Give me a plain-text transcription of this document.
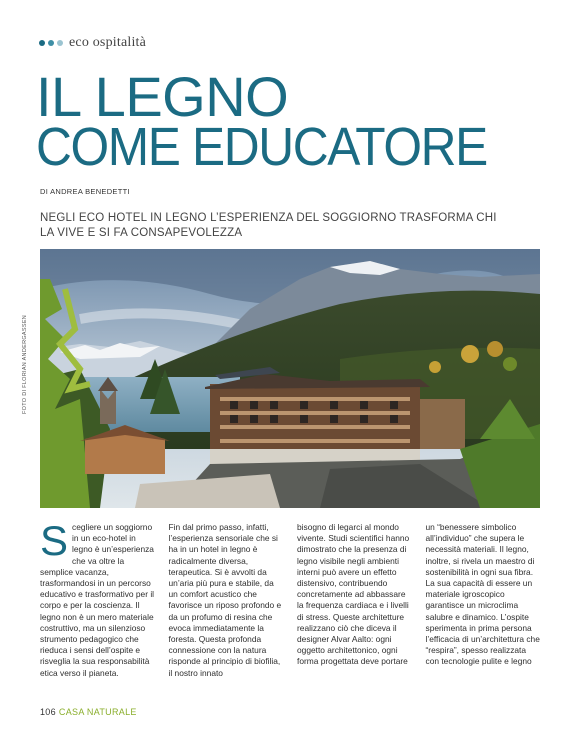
eco ospitalità
IL LEGNO
COME EDUCATORE
DI ANDREA BENEDETTI
NEGLI ECO HOTEL IN LEGNO L’ESPERIENZA DEL SOGGIORNO TRASFORMA CHI LA VIVE E SI FA CONSAPEVOLEZZA
FOTO DI FLORIAN ANDERGASSEN
S cegliere un soggiorno in un eco-hotel in legno è un’esperienza che va oltre la semplice vacanza, trasformandosi in un percorso educativo e trasformativo per il corpo e per la coscienza. Il legno non è un mero materiale costruttivo, ma un silenzioso strumento pedagogico che rieduca i sensi dell’ospite e risveglia la sua responsabilità etica verso il pianeta.
Fin dal primo passo, infatti, l’esperienza sensoriale che si ha in un hotel in legno è radicalmente diversa, terapeutica. Si è avvolti da un’aria più pura e stabile, da un comfort acustico che favorisce un riposo profondo e da un profumo di resina che evoca immediatamente la foresta. Questa profonda connessione con la natura risponde al principio di biofilia, il nostro innato
bisogno di legarci al mondo vivente. Studi scientifici hanno dimostrato che la presenza di legno visibile negli ambienti interni può avere un effetto distensivo, contribuendo concretamente ad abbassare la frequenza cardiaca e i livelli di stress. Queste architetture realizzano ciò che diceva il designer Alvar Aalto: ogni oggetto architettonico, ogni forma progettata deve portare
un “benessere simbolico all’individuo” che supera le necessità materiali. Il legno, inoltre, si rivela un maestro di sostenibilità in ogni sua fibra. La sua capacità di essere un materiale igroscopico garantisce un microclima salubre e dinamico. L’ospite sperimenta in prima persona l’efficacia di un’architettura che “respira”, spesso realizzata con tecnologie pulite e legno
106 CASA NATURALE
